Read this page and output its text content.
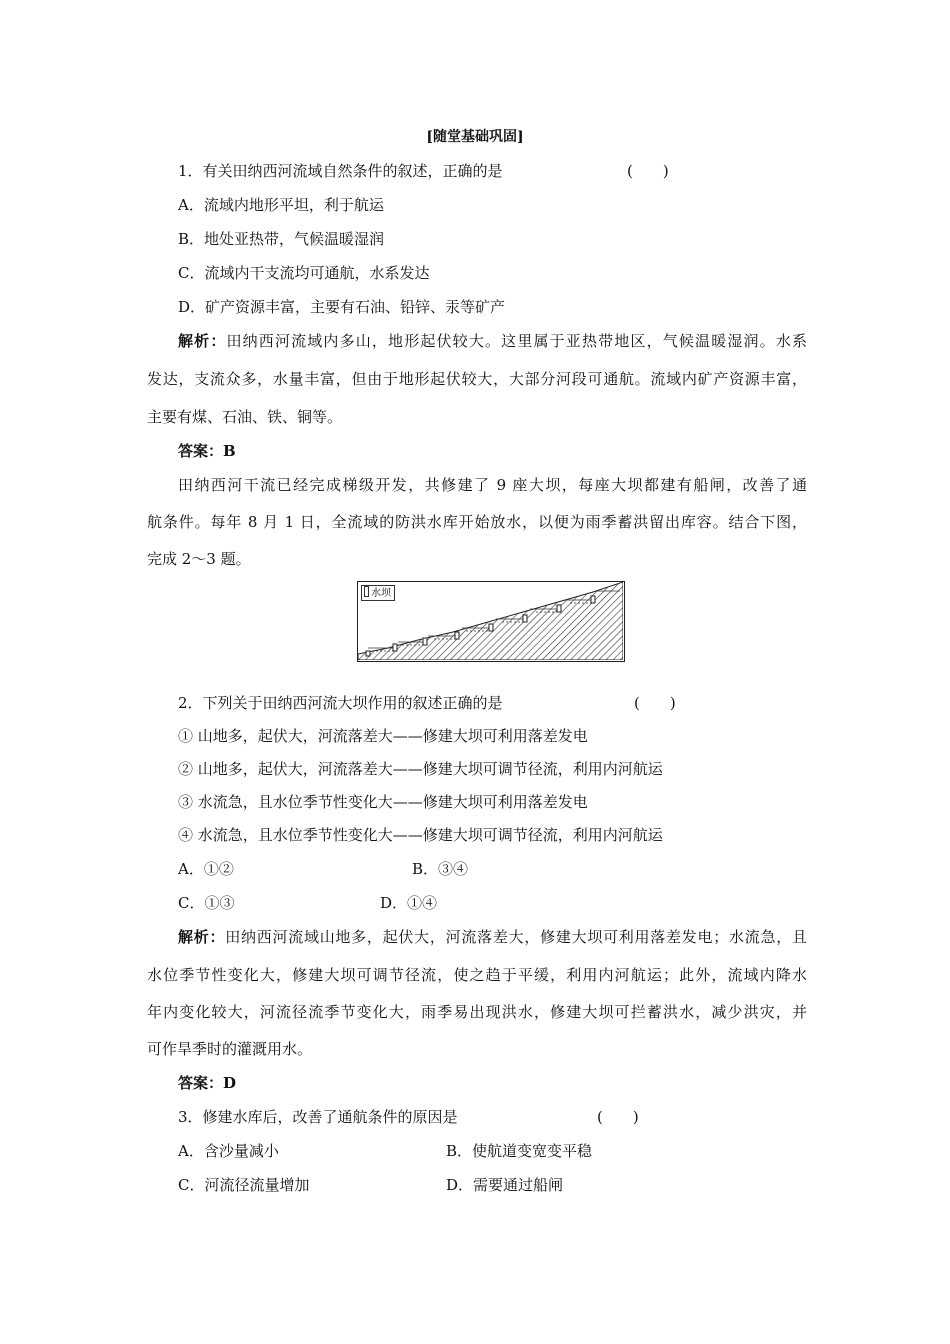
[随堂基础巩固]
1．有关田纳西河流域自然条件的叙述，正确的是	(　　)
A．流域内地形平坦，利于航运
B．地处亚热带，气候温暖湿润
C．流域内干支流均可通航，水系发达
D．矿产资源丰富，主要有石油、铅锌、汞等矿产
解析：田纳西河流域内多山，地形起伏较大。这里属于亚热带地区，气候温暖湿润。水系
发达，支流众多，水量丰富，但由于地形起伏较大，大部分河段可通航。流域内矿产资源丰富，
主要有煤、石油、铁、铜等。
答案：B
田纳西河干流已经完成梯级开发，共修建了 9 座大坝，每座大坝都建有船闸，改善了通
航条件。每年 8 月 1 日，全流域的防洪水库开始放水，以便为雨季蓄洪留出库容。结合下图，
完成 2～3 题。
水坝
2．下列关于田纳西河流大坝作用的叙述正确的是	(　　)
① 山地多，起伏大，河流落差大——修建大坝可利用落差发电
② 山地多，起伏大，河流落差大——修建大坝可调节径流，利用内河航运
③ 水流急，且水位季节性变化大——修建大坝可利用落差发电
④ 水流急，且水位季节性变化大——修建大坝可调节径流，利用内河航运
A．①②	B．③④
C．①③	D．①④
解析：田纳西河流域山地多，起伏大，河流落差大，修建大坝可利用落差发电；水流急，且
水位季节性变化大，修建大坝可调节径流，使之趋于平缓，利用内河航运；此外，流域内降水
年内变化较大，河流径流季节变化大，雨季易出现洪水，修建大坝可拦蓄洪水，减少洪灾，并
可作旱季时的灌溉用水。
答案：D
3．修建水库后，改善了通航条件的原因是	(　　)
A．含沙量减小	B．使航道变宽变平稳
C．河流径流量增加	D．需要通过船闸
